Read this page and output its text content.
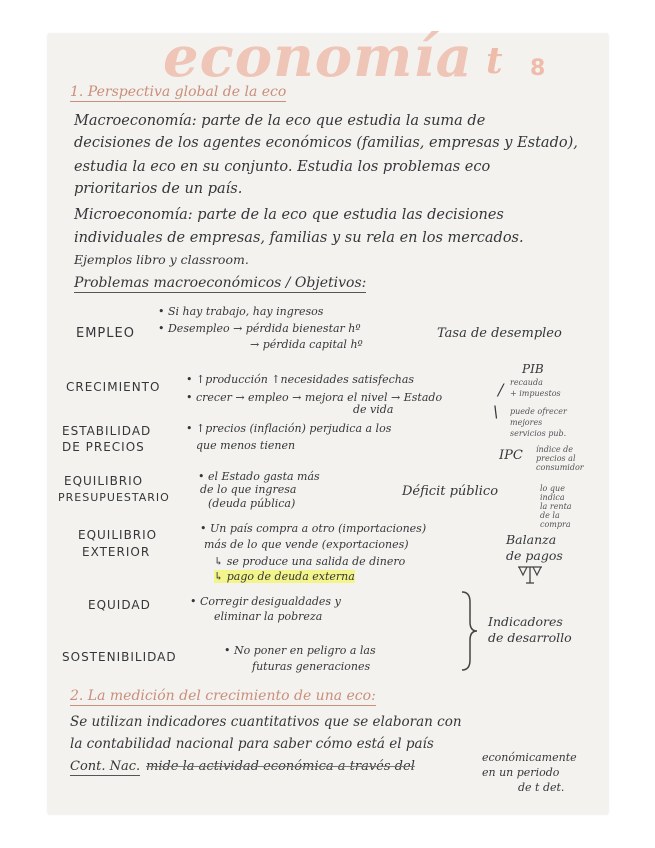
economía t 8
1. Perspectiva global de la eco
Macroeconomía: parte de la eco que estudia la suma de
decisiones de los agentes económicos (familias, empresas y Estado),
estudia la eco en su conjunto. Estudia los problemas eco
prioritarios de un país.
Microeconomía: parte de la eco que estudia las decisiones
individuales de empresas, familias y su rela en los mercados.
Ejemplos libro y classroom.
Problemas macroeconómicos / Objetivos:
EMPLEO
• Si hay trabajo, hay ingresos
• Desempleo → pérdida bienestar hº
→ pérdida capital hº
Tasa de desempleo
CRECIMIENTO
• ↑producción ↑necesidades satisfechas
• crecer → empleo → mejora el nivel → Estado
de vida
PIB
/
\
recauda
+ impuestos
puede ofrecer
mejores
servicios pub.
ESTABILIDAD
DE PRECIOS
• ↑precios (inflación) perjudica a los
que menos tienen
IPC índice de
precios al
consumidor
EQUILIBRIO
PRESUPUESTARIO
• el Estado gasta más
de lo que ingresa
(deuda pública)
Déficit público	lo que
indica
la renta
de la
compra
EQUILIBRIO
EXTERIOR
• Un país compra a otro (importaciones)
más de lo que vende (exportaciones)
↳ se produce una salida de dinero
↳ pago de deuda externa
Balanza
de pagos
EQUIDAD	• Corregir desigualdades y
eliminar la pobreza
SOSTENIBILIDAD	• No poner en peligro a las
futuras generaciones
Indicadores
de desarrollo
2. La medición del crecimiento de una eco:
Se utilizan indicadores cuantitativos que se elaboran con
la contabilidad nacional para saber cómo está el país
Cont. Nac. mide la actividad económica a través del
económicamente
en un periodo
de t det.
